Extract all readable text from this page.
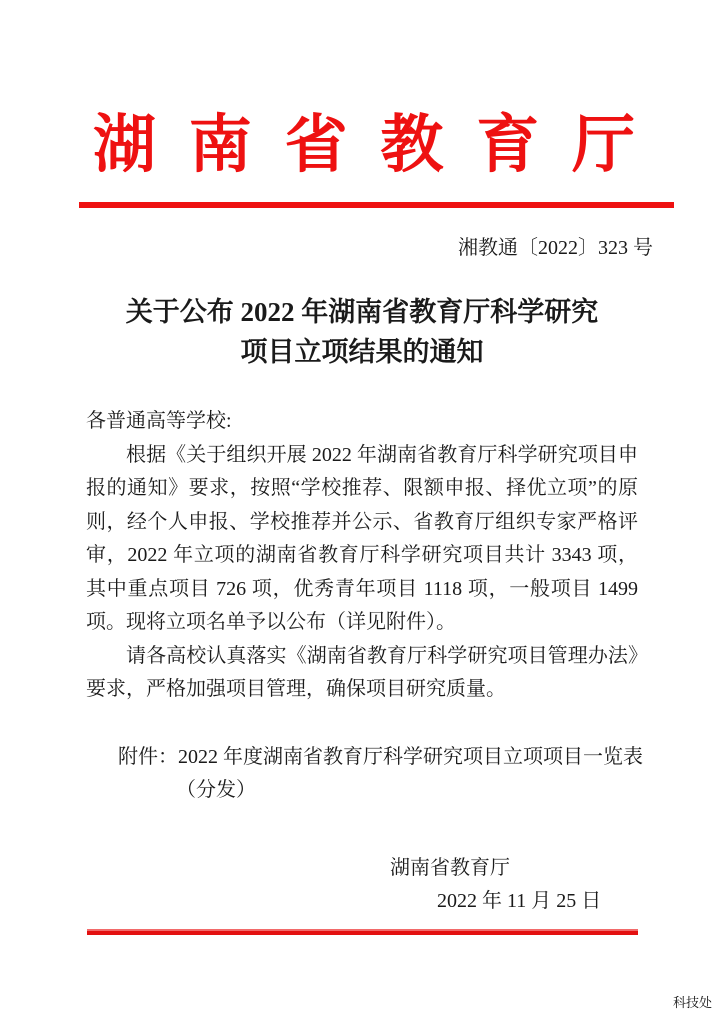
湖 南 省 教 育 厅
湘教通〔2022〕323 号
关于公布 2022 年湖南省教育厅科学研究
项目立项结果的通知

各普通高等学校:

根据《关于组织开展 2022 年湖南省教育厅科学研究项目申报的通知》要求，按照“学校推荐、限额申报、择优立项”的原则，经个人申报、学校推荐并公示、省教育厅组织专家严格评审，2022 年立项的湖南省教育厅科学研究项目共计 3343 项，其中重点项目 726 项，优秀青年项目 1118 项，一般项目 1499 项。现将立项名单予以公布（详见附件）。

请各高校认真落实《湖南省教育厅科学研究项目管理办法》要求，严格加强项目管理，确保项目研究质量。

附件：2022 年度湖南省教育厅科学研究项目立项项目一览表
（分发）
湖南省教育厅
2022 年 11 月 25 日
科技处
